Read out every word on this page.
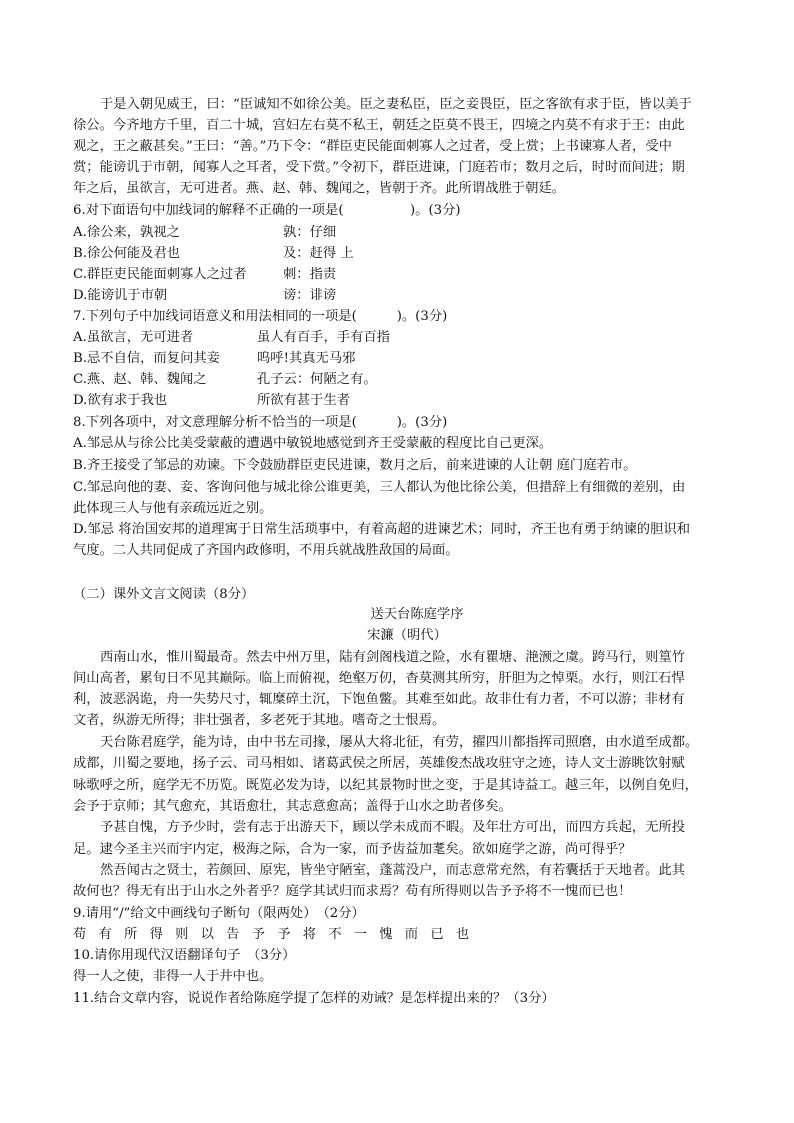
于是入朝见威王，曰：“臣诚知不如徐公美。臣之妻私臣，臣之妾畏臣，臣之客欲有求于臣，皆以美于
徐公。今齐地方千里，百二十城，宫妇左右莫不私王，朝廷之臣莫不畏王，四境之内莫不有求于王：由此
观之，王之蔽甚矣。”王曰：“善。”乃下令：“群臣吏民能面刺寡人之过者，受上赏；上书谏寡人者，受中
赏；能谤讥于市朝，闻寡人之耳者，受下赏。”令初下，群臣进谏，门庭若市；数月之后，时时而间进；期
年之后，虽欲言，无可进者。燕、赵、韩、魏闻之，皆朝于齐。此所谓战胜于朝廷。
6.对下面语句中加线词的解释不正确的一项是(　　　　　)。(3分)
A.徐公来，孰视之	孰：仔细
B.徐公何能及君也	及：赶得 上
C.群臣吏民能面刺寡人之过者	刺：指责
D.能谤讥于市朝	谤：诽谤
7.下列句子中加线词语意义和用法相同的一项是(　　　)。(3分)
A.虽欲言，无可进者	虽人有百手，手有百指
B.忌不自信，而复问其妾	呜呼!其真无马邪
C.燕、赵、韩、魏闻之	孔子云：何陋之有。
D.欲有求于我也	所欲有甚于生者
8.下列各项中，对文意理解分析不恰当的一项是(　　　)。(3分)
A.邹忌从与徐公比美受蒙蔽的遭遇中敏锐地感觉到齐王受蒙蔽的程度比自己更深。
B.齐王接受了邹忌的劝谏。下令鼓励群臣吏民进谏，数月之后，前来进谏的人让朝 庭门庭若市。
C.邹忌向他的妻、妾、客询问他与城北徐公谁更美，三人都认为他比徐公美，但措辞上有细微的差别，由
此体现三人与他有亲疏远近之别。
D.邹忌 将治国安邦的道理寓于日常生活琐事中，有着高超的进谏艺术；同时，齐王也有勇于纳谏的胆识和
气度。二人共同促成了齐国内政修明，不用兵就战胜敌国的局面。
（二）课外文言文阅读（8分）
送天台陈庭学序
宋濂（明代）
西南山水，惟川蜀最奇。然去中州万里，陆有剑阁栈道之险，水有瞿塘、滟滪之虞。跨马行，则篁竹
间山高者，累旬日不见其巅际。临上而俯视，绝壑万仞，杳莫测其所穷，肝胆为之悼栗。水行，则江石悍
利，波恶涡诡，舟一失势尺寸，辄糜碎土沉，下饱鱼鳖。其难至如此。故非仕有力者，不可以游；非材有
文者，纵游无所得；非壮强者，多老死于其地。嗜奇之士恨焉。
天台陈君庭学，能为诗，由中书左司掾，屡从大将北征，有劳，擢四川都指挥司照磨，由水道至成都。
成都，川蜀之要地，扬子云、司马相如、诸葛武侯之所居，英雄俊杰战攻驻守之迹，诗人文士游眺饮射赋
咏歌呼之所，庭学无不历览。既览必发为诗，以纪其景物时世之变，于是其诗益工。越三年，以例自免归，
会予于京师；其气愈充，其语愈壮，其志意愈高；盖得于山水之助者侈矣。
予甚自愧，方予少时，尝有志于出游天下，顾以学未成而不暇。及年壮方可出，而四方兵起，无所投
足。逮今圣主兴而宇内定，极海之际，合为一家，而予齿益加耄矣。欲如庭学之游，尚可得乎？
然吾闻古之贤士，若颜回、原宪，皆坐守陋室，蓬蒿没户，而志意常充然，有若囊括于天地者。此其
故何也？得无有出于山水之外者乎？庭学其试归而求焉？苟有所得则以告予予将不一愧而已也！
9.请用“/”给文中画线句子断句（限两处）　（2分）
苟 有 所 得 则 以 告 予 予 将 不 一 愧 而 已 也
10.请你用现代汉语翻译句子　（3分）
得一人之使，非得一人于井中也。
11.结合文章内容，说说作者给陈庭学提了怎样的劝诫？是怎样提出来的？（3分）
